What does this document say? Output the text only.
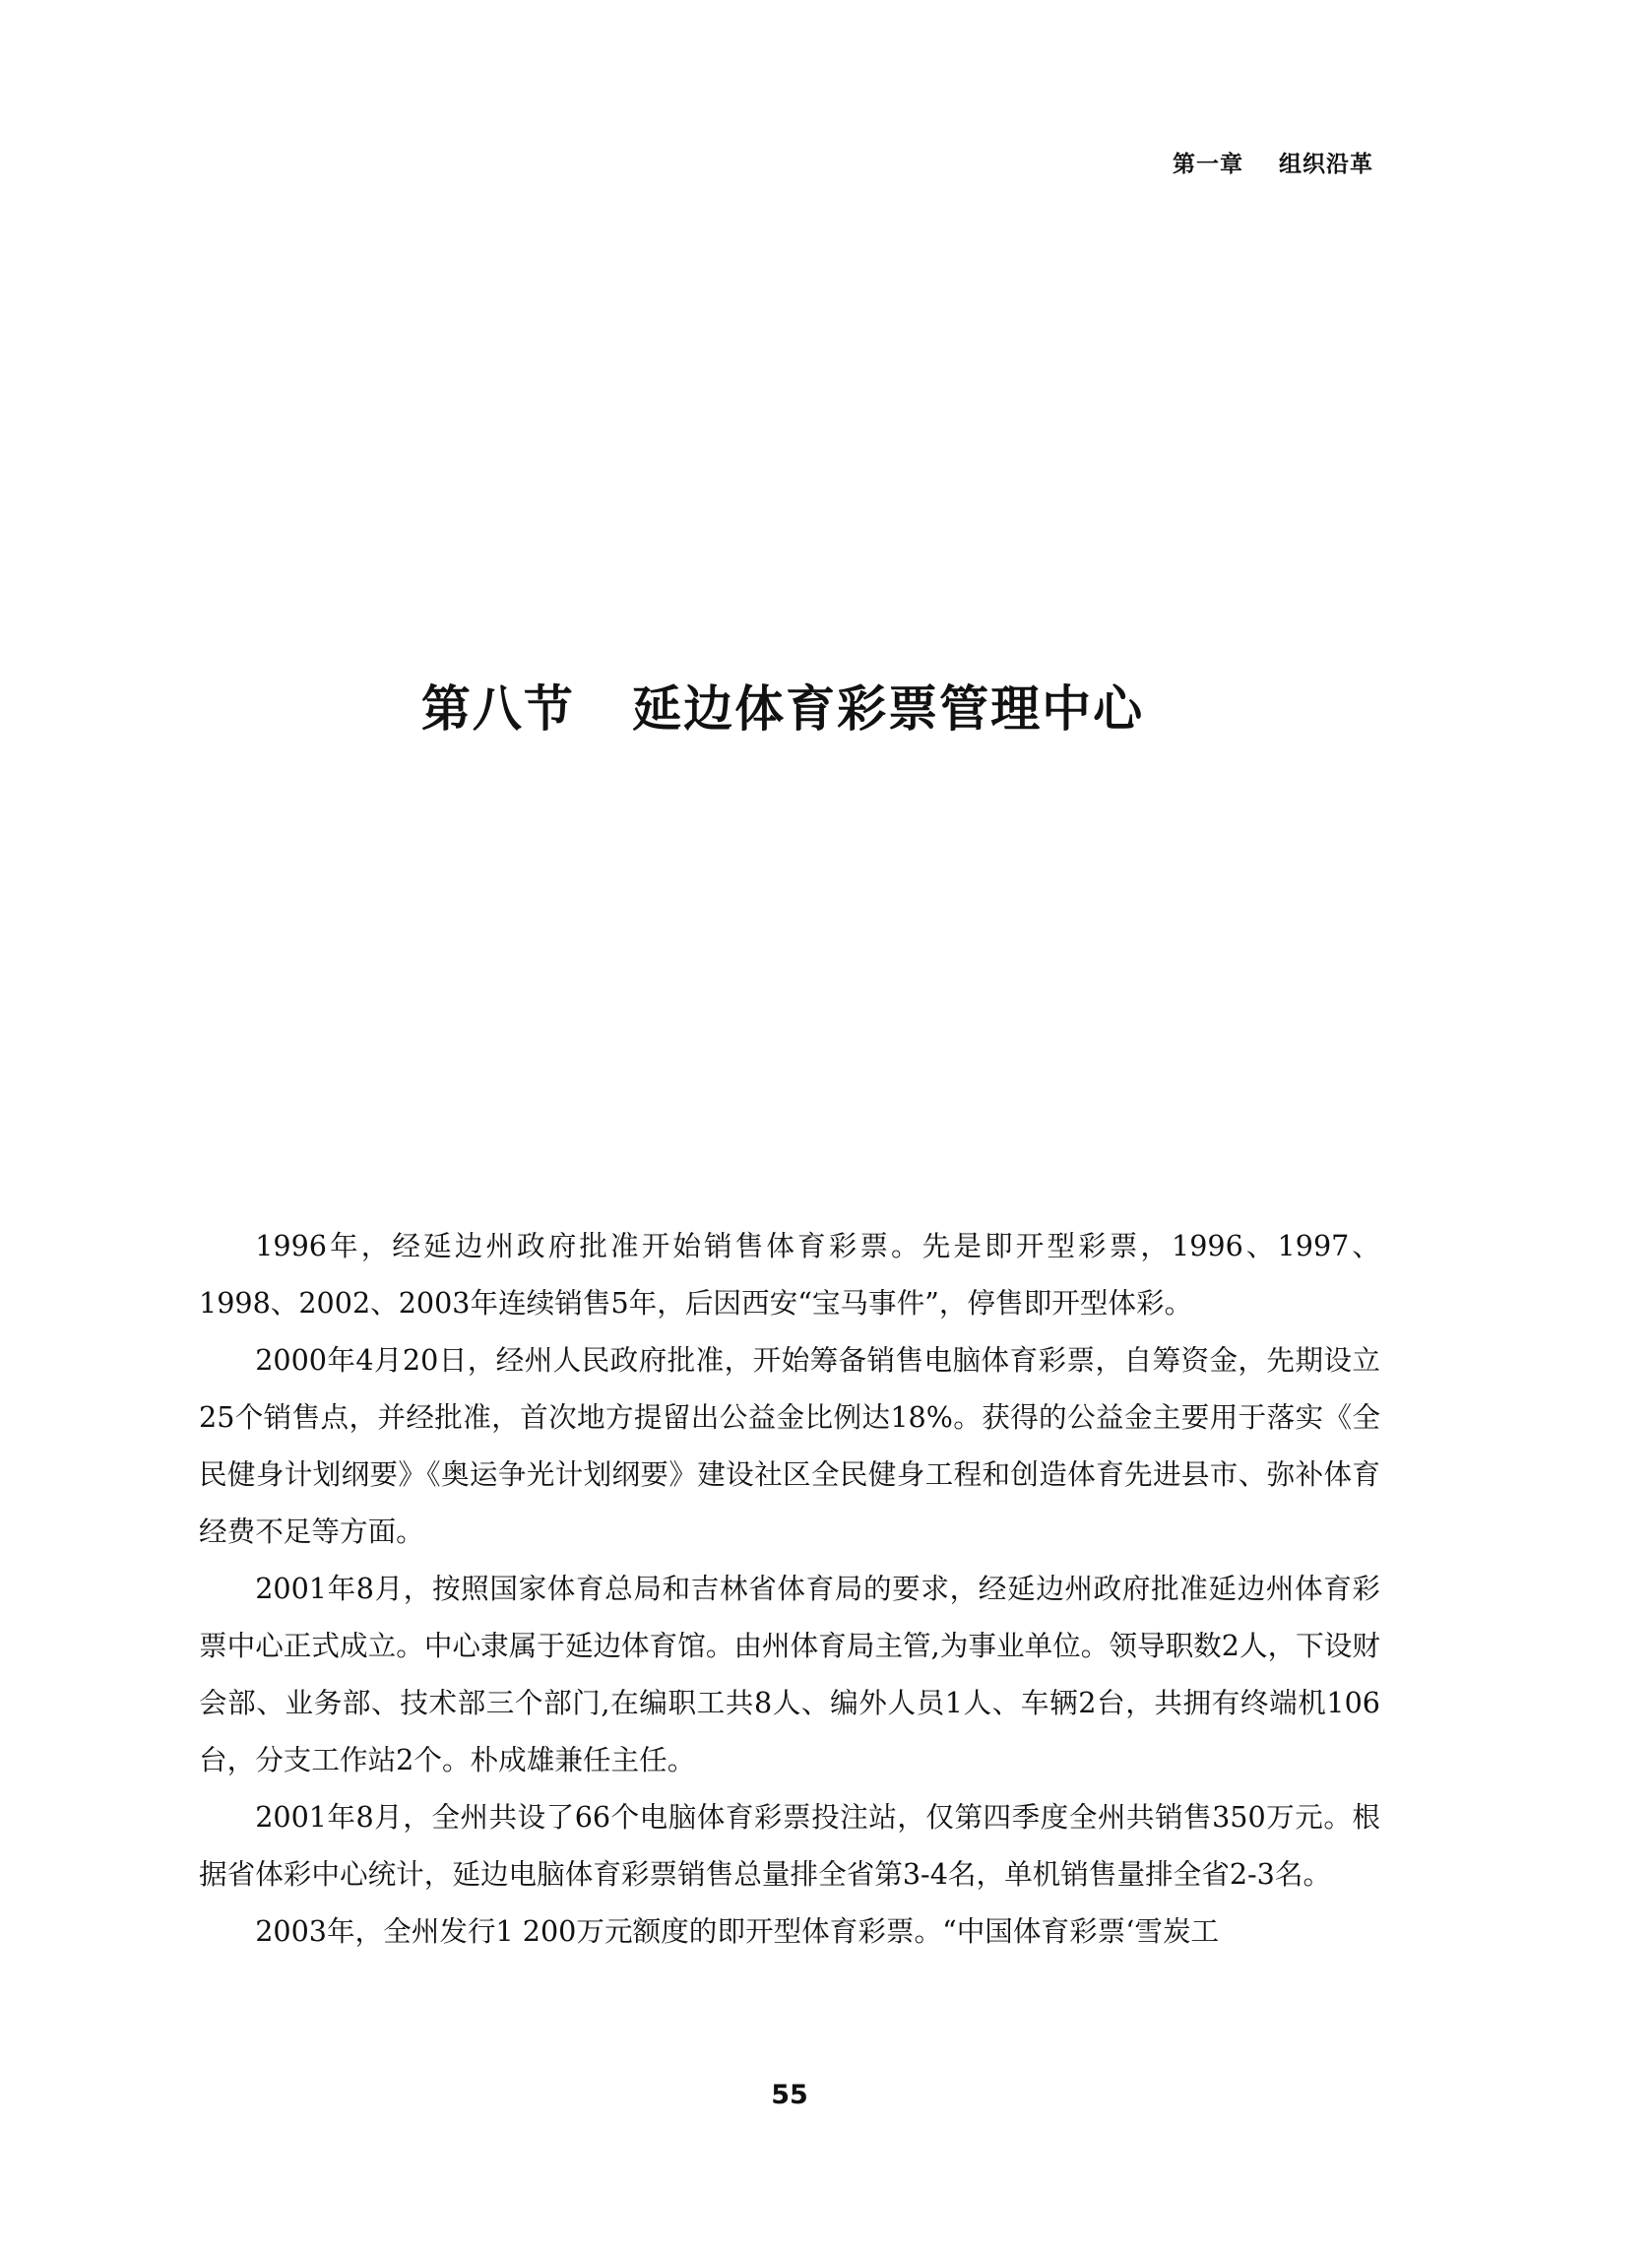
第一章    组织沿革
第八节   延边体育彩票管理中心

1996年，经延边州政府批准开始销售体育彩票。先是即开型彩票，1996、1997、1998、2002、2003年连续销售5年，后因西安“宝马事件”，停售即开型体彩。

2000年4月20日，经州人民政府批准，开始筹备销售电脑体育彩票，自筹资金，先期设立25个销售点，并经批准，首次地方提留出公益金比例达18%。获得的公益金主要用于落实《全民健身计划纲要》《奥运争光计划纲要》建设社区全民健身工程和创造体育先进县市、弥补体育经费不足等方面。

2001年8月，按照国家体育总局和吉林省体育局的要求，经延边州政府批准延边州体育彩票中心正式成立。中心隶属于延边体育馆。由州体育局主管,为事业单位。领导职数2人，下设财会部、业务部、技术部三个部门,在编职工共8人、编外人员1人、车辆2台，共拥有终端机106台，分支工作站2个。朴成雄兼任主任。

2001年8月，全州共设了66个电脑体育彩票投注站，仅第四季度全州共销售350万元。根据省体彩中心统计，延边电脑体育彩票销售总量排全省第3-4名，单机销售量排全省2-3名。

2003年，全州发行1 200万元额度的即开型体育彩票。“中国体育彩票‘雪炭工

55
